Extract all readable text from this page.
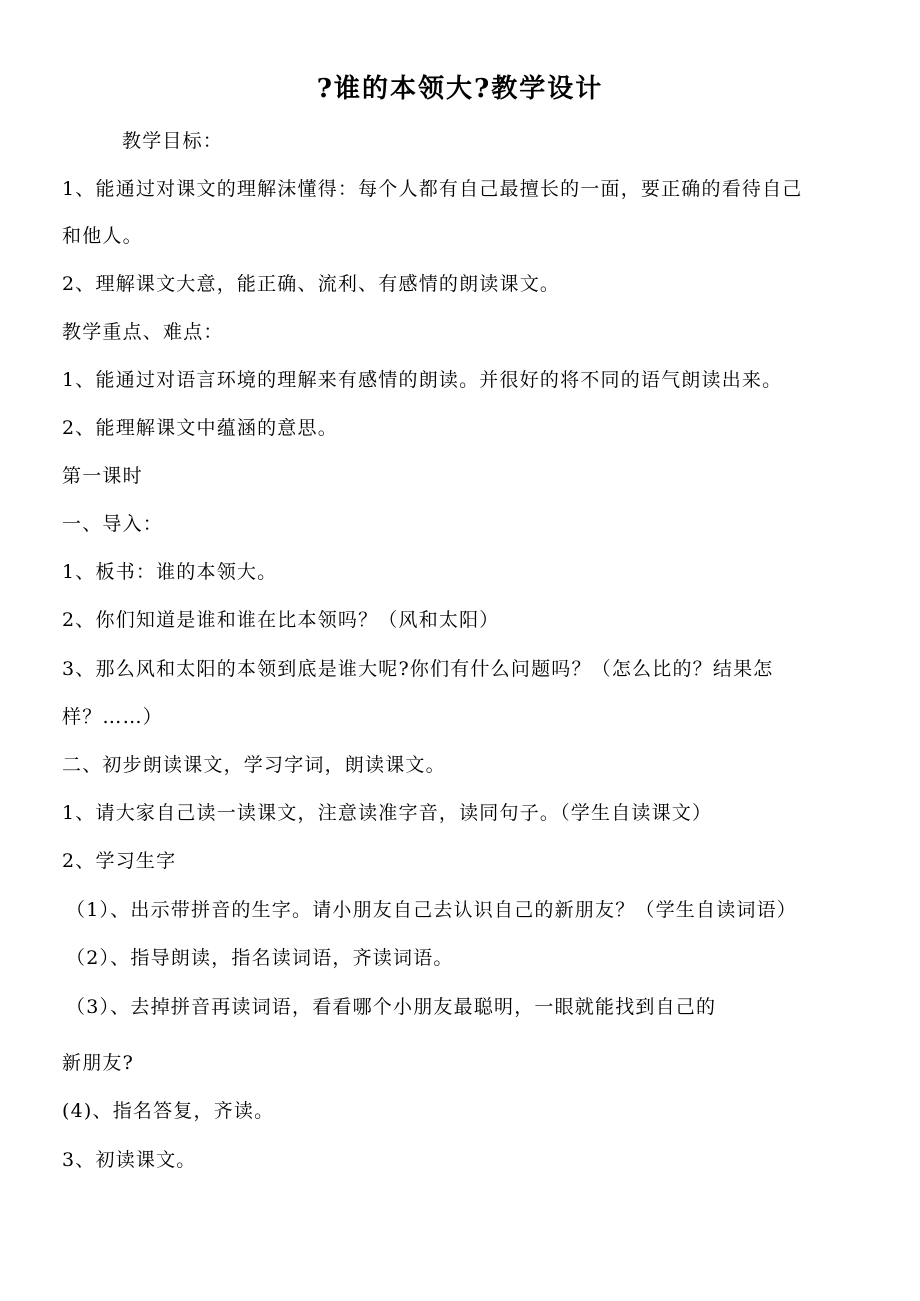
?谁的本领大?教学设计

教学目标：

1、能通过对课文的理解沫懂得：每个人都有自己最擅长的一面，要正确的看待自己

和他人。

2、理解课文大意，能正确、流利、有感情的朗读课文。

教学重点、难点：

1、能通过对语言环境的理解来有感情的朗读。并很好的将不同的语气朗读出来。

2、能理解课文中蕴涵的意思。

第一课时

一、导入：

1、板书：谁的本领大。

2、你们知道是谁和谁在比本领吗？（风和太阳）

3、那么风和太阳的本领到底是谁大呢?你们有什么问题吗？（怎么比的？结果怎

样？……）

二、初步朗读课文，学习字词，朗读课文。

1、请大家自己读一读课文，注意读准字音，读同句子。（学生自读课文）

2、学习生字

（1）、出示带拼音的生字。请小朋友自己去认识自己的新朋友？（学生自读词语）

（2）、指导朗读，指名读词语，齐读词语。

（3）、去掉拼音再读词语，看看哪个小朋友最聪明，一眼就能找到自己的

新朋友?

(4)、指名答复，齐读。

3、初读课文。
